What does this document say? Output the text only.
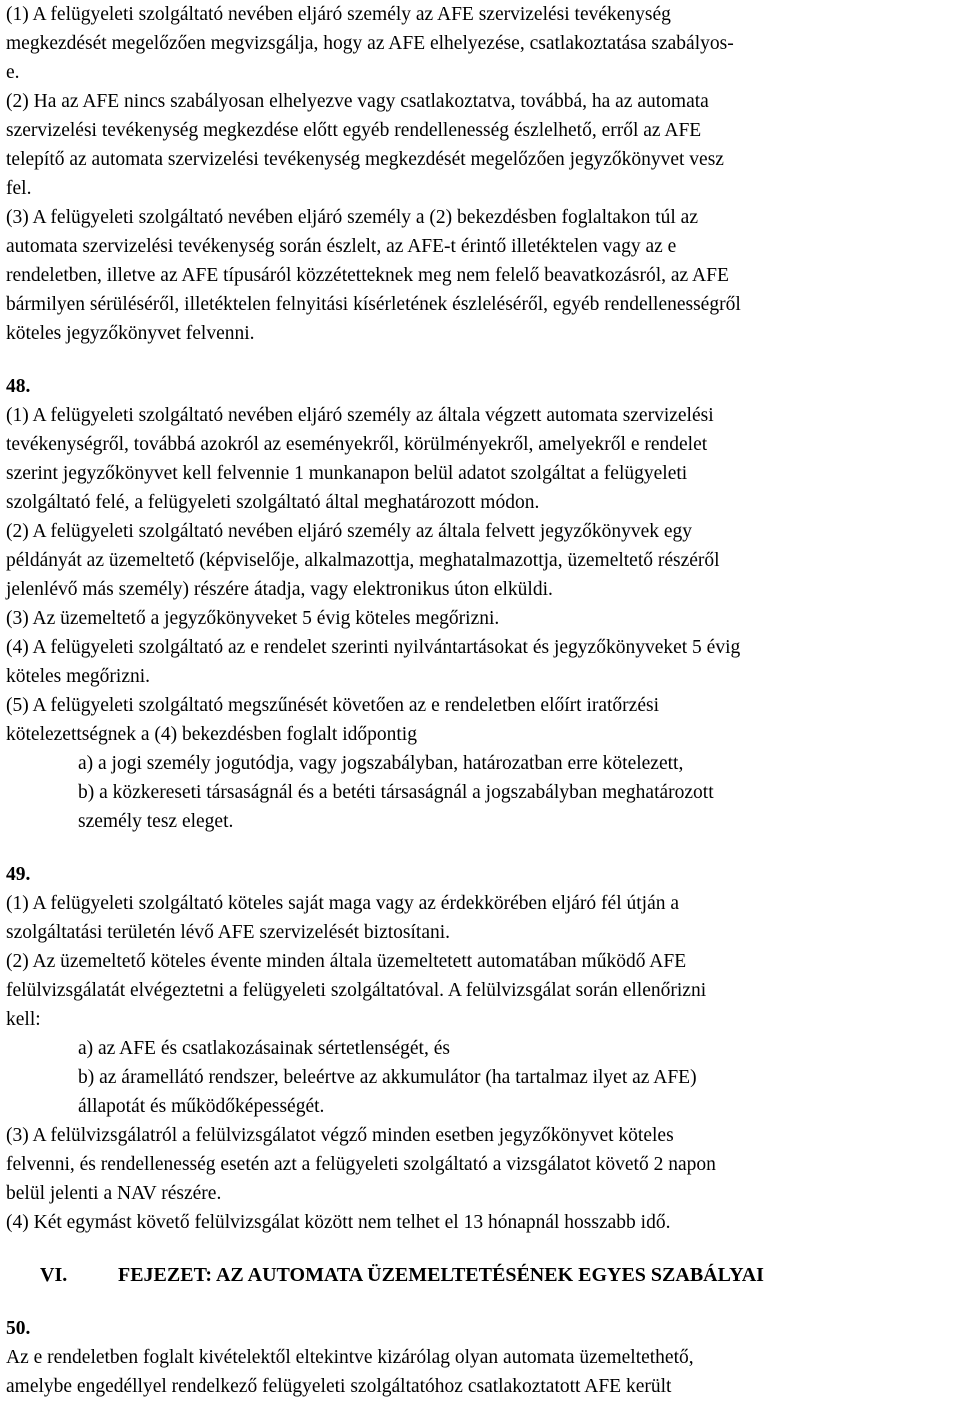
(1) A felügyeleti szolgáltató nevében eljáró személy az AFE szervizelési tevékenység

megkezdését megelőzően megvizsgálja, hogy az AFE elhelyezése, csatlakoztatása szabályos-

e.

(2) Ha az AFE nincs szabályosan elhelyezve vagy csatlakoztatva, továbbá, ha az automata

szervizelési tevékenység megkezdése előtt egyéb rendellenesség észlelhető, erről az AFE

telepítő az automata szervizelési tevékenység megkezdését megelőzően jegyzőkönyvet vesz

fel.

(3) A felügyeleti szolgáltató nevében eljáró személy a (2) bekezdésben foglaltakon túl az

automata szervizelési tevékenység során észlelt, az AFE-t érintő illetéktelen vagy az e

rendeletben, illetve az AFE típusáról közzétetteknek meg nem felelő beavatkozásról, az AFE

bármilyen sérüléséről, illetéktelen felnyitási kísérletének észleléséről, egyéb rendellenességről

köteles jegyzőkönyvet felvenni.

48.

(1) A felügyeleti szolgáltató nevében eljáró személy az általa végzett automata szervizelési

tevékenységről, továbbá azokról az eseményekről, körülményekről, amelyekről e rendelet

szerint jegyzőkönyvet kell felvennie 1 munkanapon belül adatot szolgáltat a felügyeleti

szolgáltató felé, a felügyeleti szolgáltató által meghatározott módon.

(2) A felügyeleti szolgáltató nevében eljáró személy az általa felvett jegyzőkönyvek egy

példányát az üzemeltető (képviselője, alkalmazottja, meghatalmazottja, üzemeltető részéről

jelenlévő más személy) részére átadja, vagy elektronikus úton elküldi.

(3) Az üzemeltető a jegyzőkönyveket 5 évig köteles megőrizni.

(4) A felügyeleti szolgáltató az e rendelet szerinti nyilvántartásokat és jegyzőkönyveket 5 évig

köteles megőrizni.

(5) A felügyeleti szolgáltató megszűnését követően az e rendeletben előírt iratőrzési

kötelezettségnek a (4) bekezdésben foglalt időpontig

a) a jogi személy jogutódja, vagy jogszabályban, határozatban erre kötelezett,

b) a közkereseti társaságnál és a betéti társaságnál a jogszabályban meghatározott

személy tesz eleget.

49.

(1) A felügyeleti szolgáltató köteles saját maga vagy az érdekkörében eljáró fél útján a

szolgáltatási területén lévő AFE szervizelését biztosítani.

(2) Az üzemeltető köteles évente minden általa üzemeltetett automatában működő AFE

felülvizsgálatát elvégeztetni a felügyeleti szolgáltatóval. A felülvizsgálat során ellenőrizni

kell:

a) az AFE és csatlakozásainak sértetlenségét, és

b) az áramellátó rendszer, beleértve az akkumulátor (ha tartalmaz ilyet az AFE)

állapotát és működőképességét.

(3) A felülvizsgálatról a felülvizsgálatot végző minden esetben jegyzőkönyvet köteles

felvenni, és rendellenesség esetén azt a felügyeleti szolgáltató a vizsgálatot követő 2 napon

belül jelenti a NAV részére.

(4) Két egymást követő felülvizsgálat között nem telhet el 13 hónapnál hosszabb idő.

VI.	FEJEZET: AZ AUTOMATA ÜZEMELTETÉSÉNEK EGYES SZABÁLYAI

50.

Az e rendeletben foglalt kivételektől eltekintve kizárólag olyan automata üzemeltethető,

amelybe engedéllyel rendelkező felügyeleti szolgáltatóhoz csatlakoztatott AFE került
